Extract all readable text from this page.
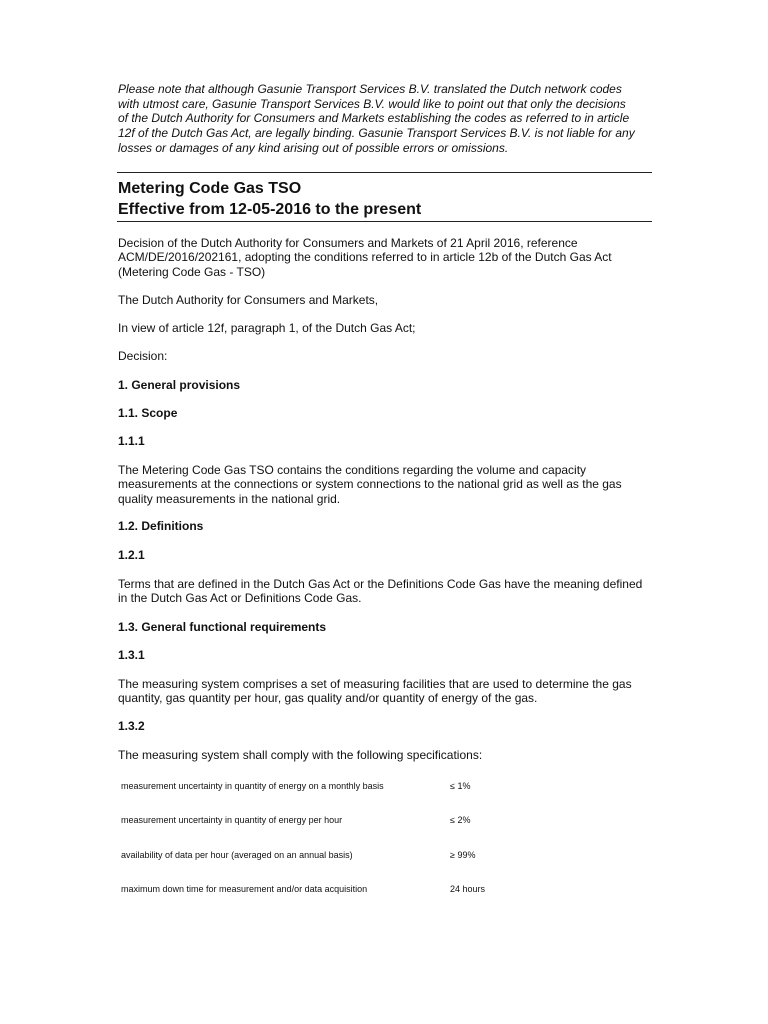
Please note that although Gasunie Transport Services B.V. translated the Dutch network codes with utmost care, Gasunie Transport Services B.V. would like to point out that only the decisions of the Dutch Authority for Consumers and Markets establishing the codes as referred to in article 12f of the Dutch Gas Act, are legally binding. Gasunie Transport Services B.V. is not liable for any losses or damages of any kind arising out of possible errors or omissions.

Metering Code Gas TSO
Effective from 12-05-2016 to the present

Decision of the Dutch Authority for Consumers and Markets of 21 April 2016, reference ACM/DE/2016/202161, adopting the conditions referred to in article 12b of the Dutch Gas Act (Metering Code Gas - TSO)

The Dutch Authority for Consumers and Markets,

In view of article 12f, paragraph 1, of the Dutch Gas Act;

Decision:

1. General provisions

1.1. Scope

1.1.1

The Metering Code Gas TSO contains the conditions regarding the volume and capacity measurements at the connections or system connections to the national grid as well as the gas quality measurements in the national grid.

1.2. Definitions

1.2.1

Terms that are defined in the Dutch Gas Act or the Definitions Code Gas have the meaning defined in the Dutch Gas Act or Definitions Code Gas.

1.3. General functional requirements

1.3.1

The measuring system comprises a set of measuring facilities that are used to determine the gas quantity, gas quantity per hour, gas quality and/or quantity of energy of the gas.

1.3.2

The measuring system shall comply with the following specifications:

measurement uncertainty in quantity of energy on a monthly basis	≤ 1%

measurement uncertainty in quantity of energy per hour	≤ 2%

availability of data per hour (averaged on an annual basis)	≥ 99%

maximum down time for measurement and/or data acquisition	24 hours
